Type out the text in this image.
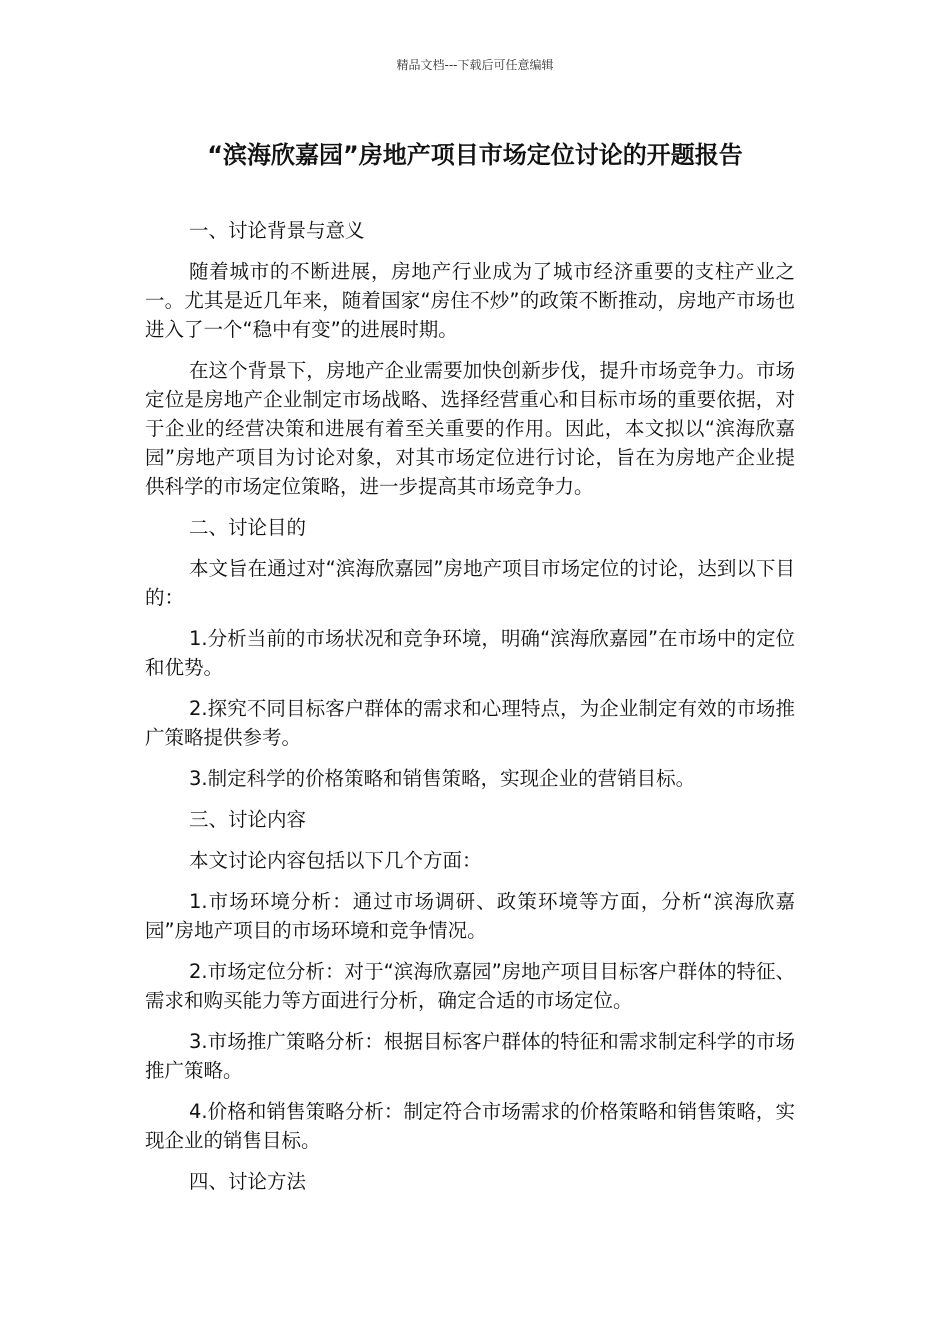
精品文档---下载后可任意编辑
“滨海欣嘉园”房地产项目市场定位讨论的开题报告

一、讨论背景与意义

随着城市的不断进展，房地产行业成为了城市经济重要的支柱产业之一。尤其是近几年来，随着国家“房住不炒”的政策不断推动，房地产市场也进入了一个“稳中有变”的进展时期。

在这个背景下，房地产企业需要加快创新步伐，提升市场竞争力。市场定位是房地产企业制定市场战略、选择经营重心和目标市场的重要依据，对于企业的经营决策和进展有着至关重要的作用。因此，本文拟以“滨海欣嘉园”房地产项目为讨论对象，对其市场定位进行讨论，旨在为房地产企业提供科学的市场定位策略，进一步提高其市场竞争力。

二、讨论目的

本文旨在通过对“滨海欣嘉园”房地产项目市场定位的讨论，达到以下目的：

1.分析当前的市场状况和竞争环境，明确“滨海欣嘉园”在市场中的定位和优势。

2.探究不同目标客户群体的需求和心理特点，为企业制定有效的市场推广策略提供参考。

3.制定科学的价格策略和销售策略，实现企业的营销目标。

三、讨论内容

本文讨论内容包括以下几个方面：

1.市场环境分析：通过市场调研、政策环境等方面，分析“滨海欣嘉园”房地产项目的市场环境和竞争情况。

2.市场定位分析：对于“滨海欣嘉园”房地产项目目标客户群体的特征、需求和购买能力等方面进行分析，确定合适的市场定位。

3.市场推广策略分析：根据目标客户群体的特征和需求制定科学的市场推广策略。

4.价格和销售策略分析：制定符合市场需求的价格策略和销售策略，实现企业的销售目标。

四、讨论方法
